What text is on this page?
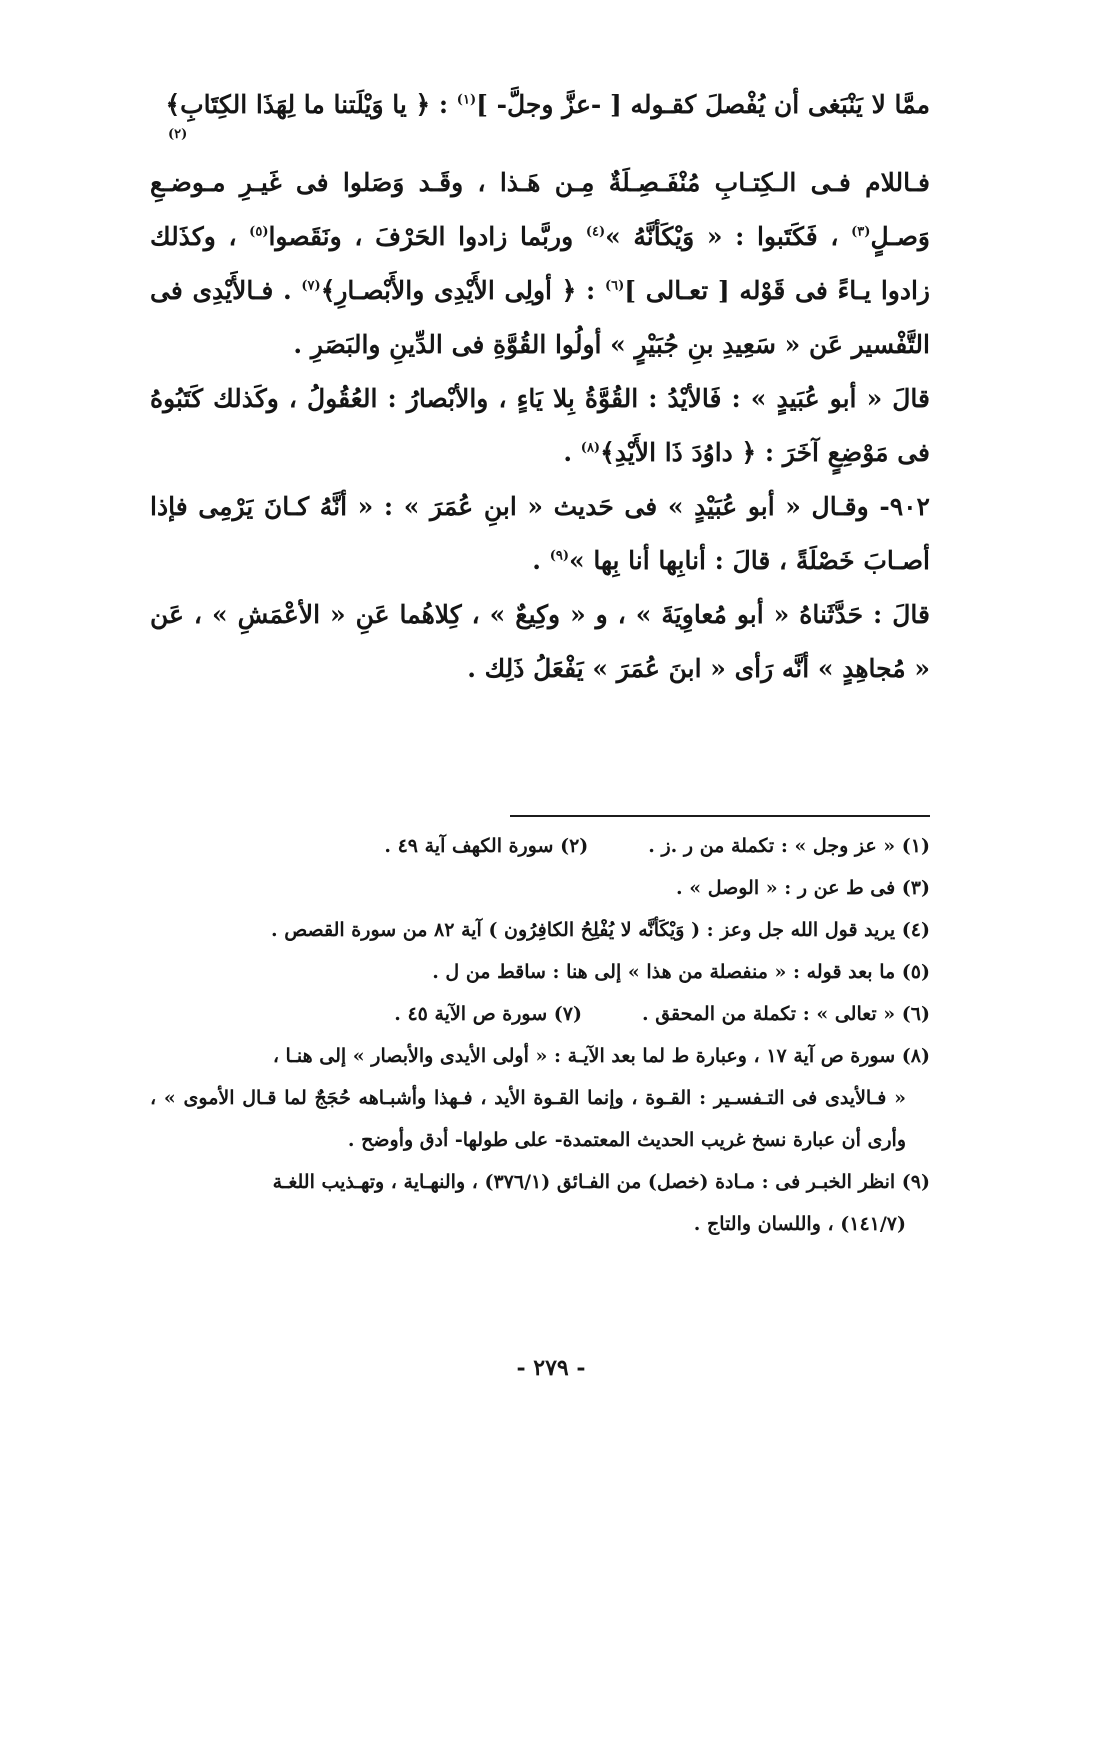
ممَّا لا يَنْبَغى أن يُفْصلَ كقـوله [ -عزَّ وجلَّ- ]$^{(١)}$ : ﴿ يا وَيْلَتنا ما لِهَذَا الكِتَابِ﴾

(٢)

فـاللام فـى الـكِتـابِ مُنْفَـصِـلَةٌ مِـن هَـذا ، وقَـد وَصَلوا فى غَيـرِ مـوضـعِ وَصـلٍ$^{(٣)}$ ، فَكَتَبوا : « وَيْكَأنَّهُ »$^{(٤)}$ وربَّما زادوا الحَرْفَ ، ونَقَصوا$^{(٥)}$ ، وكذَلك زادوا يـاءً فى قَوْله [ تعـالى ]$^{(٦)}$ : ﴿ أولِى الأَيْدِى والأَبْصـارِ﴾$^{(٧)}$ . فـالأَيْدِى فى التَّفْسير عَن « سَعِيدِ بنِ جُبَيْرٍ » أولُوا القُوَّةِ فى الدِّينِ والبَصَرِ .

قالَ « أبو عُبَيدٍ » : فَالأيْدُ : القُوَّةُ بِلا يَاءٍ ، والأبْصارُ : العُقُولُ ، وكَذلك كَتَبُوهُ فى مَوْضِعٍ آخَرَ : ﴿ داوُدَ ذَا الأَيْدِ﴾$^{(٨)}$ .

٩٠٢- وقـال « أبو عُبَيْدٍ » فى حَديث « ابنِ عُمَرَ » : « أنَّهُ كـانَ يَرْمِى فإذا أصـابَ خَصْلَةً ، قالَ : أنابِها أنا بِها »$^{(٩)}$ .

قالَ : حَدَّثَناهُ « أبو مُعاوِيَةَ » ، و « وكِيعٌ » ، كِلاهُما عَنِ « الأعْمَشِ » ، عَن « مُجاهِدٍ » أنَّه رَأى « ابنَ عُمَرَ » يَفْعَلُ ذَلِك .

(١) « عز وجل » : تكملة من ر .ز .
(٢) سورة الكهف آية ٤٩ .
(٣) فى ط عن ر : « الوصل » .
(٤) يريد قول الله جل وعز : ( وَيْكَأنَّه لا يُفْلِحُ الكافِرُون ) آية ٨٢ من سورة القصص .
(٥) ما بعد قوله : « منفصلة من هذا » إلى هنا : ساقط من ل .
(٦) « تعالى » : تكملة من المحقق .
(٧) سورة ص الآية ٤٥ .
(٨) سورة ص آية ١٧ ، وعبارة ط لما بعد الآيـة : « أولى الأيدى والأبصار » إلى هنـا ،
« فـالأيدى فى التـفسـير : القـوة ، وإنما القـوة الأيد ، فـهذا وأشبـاهه حُجَجٌ لما قـال الأموى » ، وأرى أن عبارة نسخ غريب الحديث المعتمدة- على طولها- أدق وأوضح .
(٩) انظر الخبـر فى : مـادة (خصل) من الفـائق (٣٧٦/١) ، والنهـاية ، وتهـذيب اللغـة
(١٤١/٧) ، واللسان والتاج .
- ٢٧٩ -
